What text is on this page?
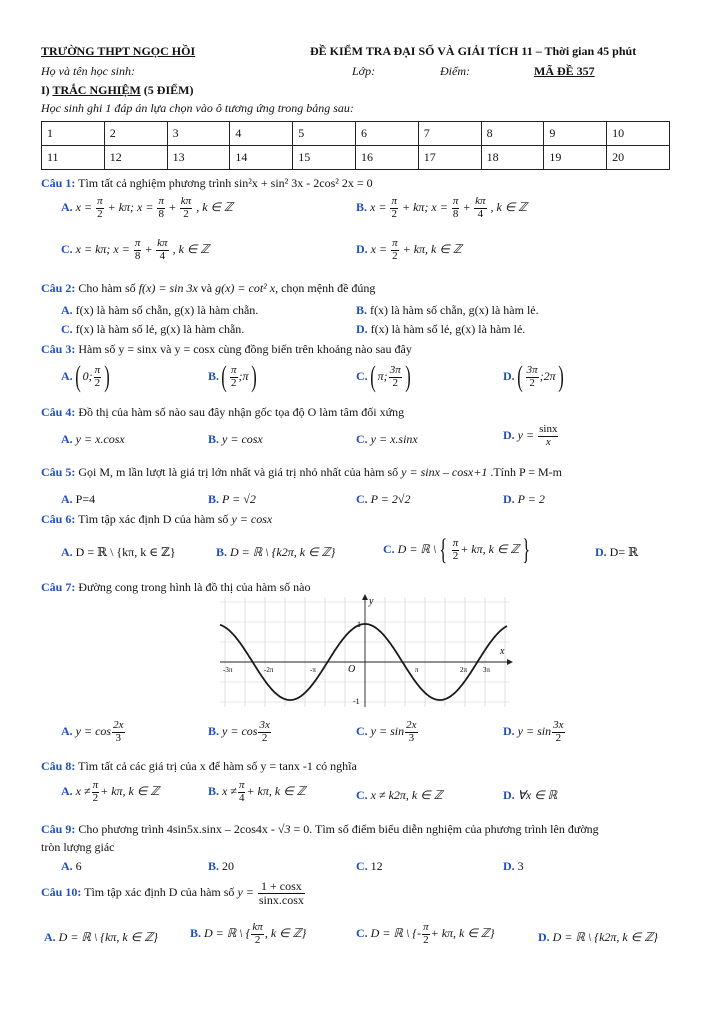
TRƯỜNG THPT NGỌC HỒI	ĐỀ KIỂM TRA ĐẠI SỐ VÀ GIẢI TÍCH 11 – Thời gian 45 phút
Họ và tên học sinh:	Lớp:	Điểm:	MÃ ĐỀ 357
I) TRẮC NGHIỆM (5 ĐIỂM)
Học sinh ghi 1 đáp án lựa chọn vào ô tương ứng trong bảng sau:
1	2	3	4	5	6	7	8	9	10
11	12	13	14	15	16	17	18	19	20
Câu 1: Tìm tất cả nghiệm phương trình sin²x + sin² 3x - 2cos² 2x = 0
A. $x = \frac{\pi}{2} + k\pi$; $x = \frac{\pi}{8} + \frac{k\pi}{2}$ , k ∈ ℤ	B. $x = \frac{\pi}{2} + k\pi$; $x = \frac{\pi}{8} + \frac{k\pi}{4}$ , k ∈ ℤ
C. x = kπ; $x = \frac{\pi}{8} + \frac{k\pi}{4}$ , k ∈ ℤ	D. $x = \frac{\pi}{2} + k\pi$, k ∈ ℤ
Câu 2: Cho hàm số f(x) = sin 3x và g(x) = cot² x, chọn mệnh đề đúng
A. f(x) là hàm số chẵn, g(x) là hàm chẵn.	B. f(x) là hàm số chẵn, g(x) là hàm lẻ.
C. f(x) là hàm số lẻ, g(x) là hàm chẵn.	D. f(x) là hàm số lẻ, g(x) là hàm lẻ.
Câu 3: Hàm số y = sinx và y = cosx cùng đồng biến trên khoảng nào sau đây
A.( 0; $\frac{\pi}{2}$ )	$B.( \frac{\pi}{2}$ ;π)	C.( π; $\frac{3\pi}{2}$ )	$D.( \frac{3\pi}{2}$ ;2π)
Câu 4: Đồ thị của hàm số nào sau đây nhận gốc tọa độ O làm tâm đối xứng
A. y = x.cosx	B. y = cosx	C. y = x.sinx	D. $y = \frac{\sin x}{x}$
Câu 5: Gọi M, m lần lượt là giá trị lớn nhất và giá trị nhỏ nhất của hàm số y = sinx – cosx+1 .Tính P = M-m
A. P=4	B. P = √2	C. P = 2√2	D. P = 2
Câu 6: Tìm tập xác định D của hàm số y = cosx
A. D = ℝ \ {kπ, k ∈ ℤ}	B. D = ℝ \ {k2π, k ∈ ℤ}	C. D = ℝ \ { $\frac{\pi}{2} + k\pi$, k ∈ ℤ }	D. D= ℝ
Câu 7: Đường cong trong hình là đồ thị của hàm số nào
x
y
O
-3π	-2π	-π	π	2π 3π
1
-1
A. $y = \cos \frac{2x}{3}$	B. $y = \cos \frac{3x}{2}$	C. $y = \sin \frac{2x}{3}$	D. $y = \sin \frac{3x}{2}$
Câu 8: Tìm tất cả các giá trị của x để hàm số y = tanx -1 có nghĩa
A. $x \ne \frac{\pi}{2} + k\pi$, k ∈ ℤ	B. $x \ne \frac{\pi}{4} + k\pi$, k ∈ ℤ	C. x ≠ k2π, k ∈ ℤ	D. ∀x ∈ ℝ
Câu 9: Cho phương trình 4sin5x.sinx – 2cos4x - √3 = 0. Tìm số điểm biểu diễn nghiệm của phương trình lên đường
tròn lượng giác
A. 6	B. 20	C. 12	D. 3
Câu 10: Tìm tập xác định D của hàm số $y = \frac{1 + \cos x}{\sin x.\cos x}$
A. D = ℝ \ {kπ, k ∈ ℤ}	B. D = ℝ \ { $\frac{k\pi}{2}$ , k ∈ ℤ}	C. D = ℝ \ {- $\frac{\pi}{2} + k\pi$, k ∈ ℤ}	D. D = ℝ \ {k2π, k ∈ ℤ}
